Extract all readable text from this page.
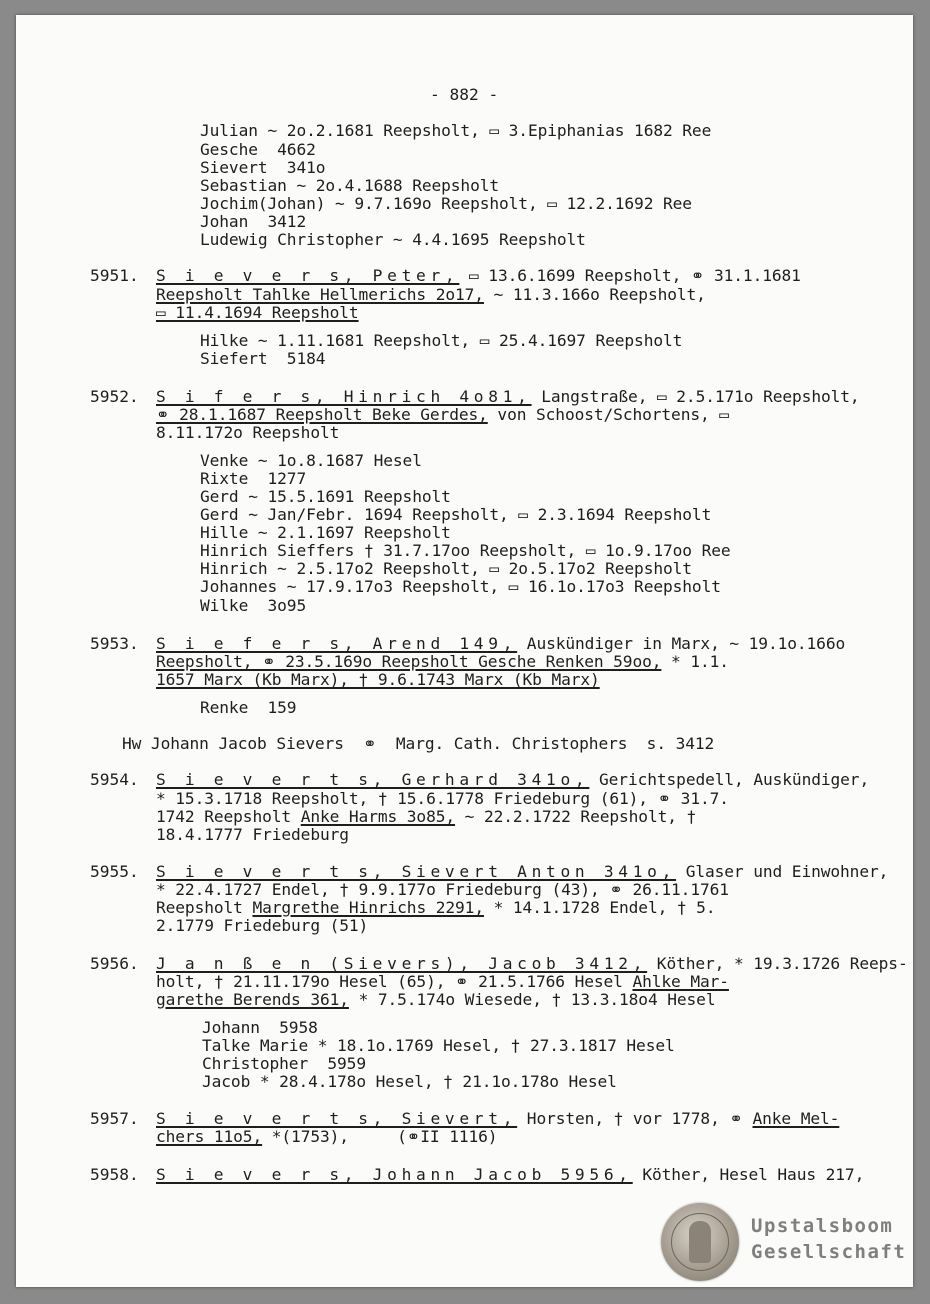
- 882 -
Julian ~ 2o.2.1681 Reepsholt, ▭ 3.Epiphanias 1682 Ree
Gesche  4662
Sievert  341o
Sebastian ~ 2o.4.1688 Reepsholt
Jochim(Johan) ~ 9.7.169o Reepsholt, ▭ 12.2.1692 Ree
Johan  3412
Ludewig Christopher ~ 4.4.1695 Reepsholt
5951. S i e v e r s, Peter, ▭ 13.6.1699 Reepsholt, ⚭ 31.1.1681
Reepsholt Tahlke Hellmerichs 2o17, ~ 11.3.166o Reepsholt,
▭ 11.4.1694 Reepsholt
Hilke ~ 1.11.1681 Reepsholt, ▭ 25.4.1697 Reepsholt
Siefert  5184
5952. S i f e r s, Hinrich 4o81, Langstraße, ▭ 2.5.171o Reepsholt,
⚭ 28.1.1687 Reepsholt Beke Gerdes, von Schoost/Schortens, ▭
8.11.172o Reepsholt
Venke ~ 1o.8.1687 Hesel
Rixte  1277
Gerd ~ 15.5.1691 Reepsholt
Gerd ~ Jan/Febr. 1694 Reepsholt, ▭ 2.3.1694 Reepsholt
Hille ~ 2.1.1697 Reepsholt
Hinrich Sieffers † 31.7.17oo Reepsholt, ▭ 1o.9.17oo Ree
Hinrich ~ 2.5.17o2 Reepsholt, ▭ 2o.5.17o2 Reepsholt
Johannes ~ 17.9.17o3 Reepsholt, ▭ 16.1o.17o3 Reepsholt
Wilke  3o95
5953. S i e f e r s, Arend 149, Auskündiger in Marx, ~ 19.1o.166o
Reepsholt, ⚭ 23.5.169o Reepsholt Gesche Renken 59oo, * 1.1.
1657 Marx (Kb Marx), † 9.6.1743 Marx (Kb Marx)
Renke  159
Hw Johann Jacob Sievers  ⚭  Marg. Cath. Christophers  s. 3412
5954. S i e v e r t s, Gerhard 341o, Gerichtspedell, Auskündiger,
* 15.3.1718 Reepsholt, † 15.6.1778 Friedeburg (61), ⚭ 31.7.
1742 Reepsholt Anke Harms 3o85, ~ 22.2.1722 Reepsholt, †
18.4.1777 Friedeburg
5955. S i e v e r t s, Sievert Anton 341o, Glaser und Einwohner,
* 22.4.1727 Endel, † 9.9.177o Friedeburg (43), ⚭ 26.11.1761
Reepsholt Margrethe Hinrichs 2291, * 14.1.1728 Endel, † 5.
2.1779 Friedeburg (51)
5956. J a n ß e n (Sievers), Jacob 3412, Köther, * 19.3.1726 Reeps-
holt, † 21.11.179o Hesel (65), ⚭ 21.5.1766 Hesel Ahlke Mar-
garethe Berends 361, * 7.5.174o Wiesede, † 13.3.18o4 Hesel
Johann  5958
Talke Marie * 18.1o.1769 Hesel, † 27.3.1817 Hesel
Christopher  5959
Jacob * 28.4.178o Hesel, † 21.1o.178o Hesel
5957. S i e v e r t s, Sievert, Horsten, † vor 1778, ⚭ Anke Mel-
chers 11o5, *(1753),     (⚭II 1116)
5958. S i e v e r s, Johann Jacob 5956, Köther, Hesel Haus 217,
Upstalsboom
Gesellschaft
